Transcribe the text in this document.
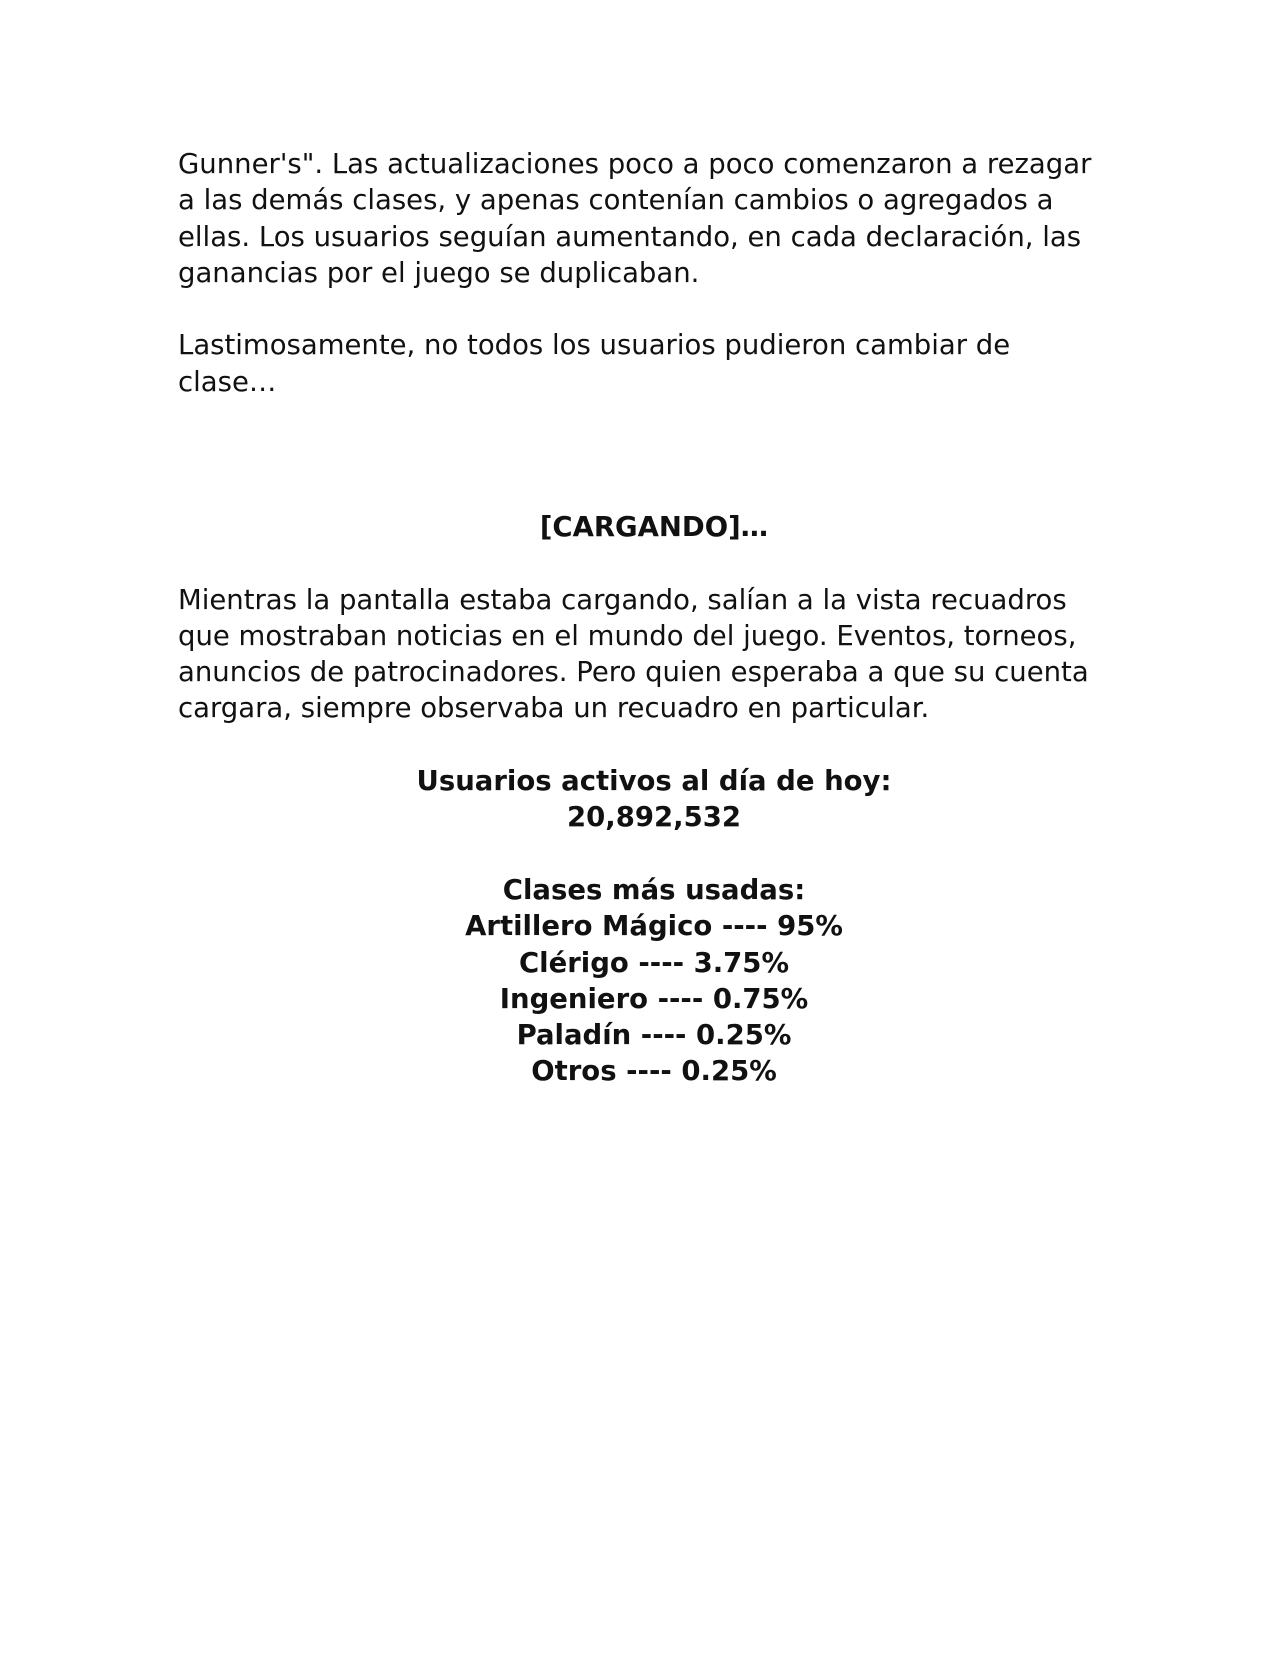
Gunner's". Las actualizaciones poco a poco comenzaron a rezagar a las demás clases, y apenas contenían cambios o agregados a ellas. Los usuarios seguían aumentando, en cada declaración, las ganancias por el juego se duplicaban.

Lastimosamente, no todos los usuarios pudieron cambiar de clase…

[CARGANDO]…

Mientras la pantalla estaba cargando, salían a la vista recuadros que mostraban noticias en el mundo del juego. Eventos, torneos, anuncios de patrocinadores. Pero quien esperaba a que su cuenta cargara, siempre observaba un recuadro en particular.

Usuarios activos al día de hoy:
20,892,532
Clases más usadas:
Artillero Mágico ---- 95%
Clérigo ---- 3.75%
Ingeniero ---- 0.75%
Paladín ---- 0.25%
Otros ---- 0.25%
